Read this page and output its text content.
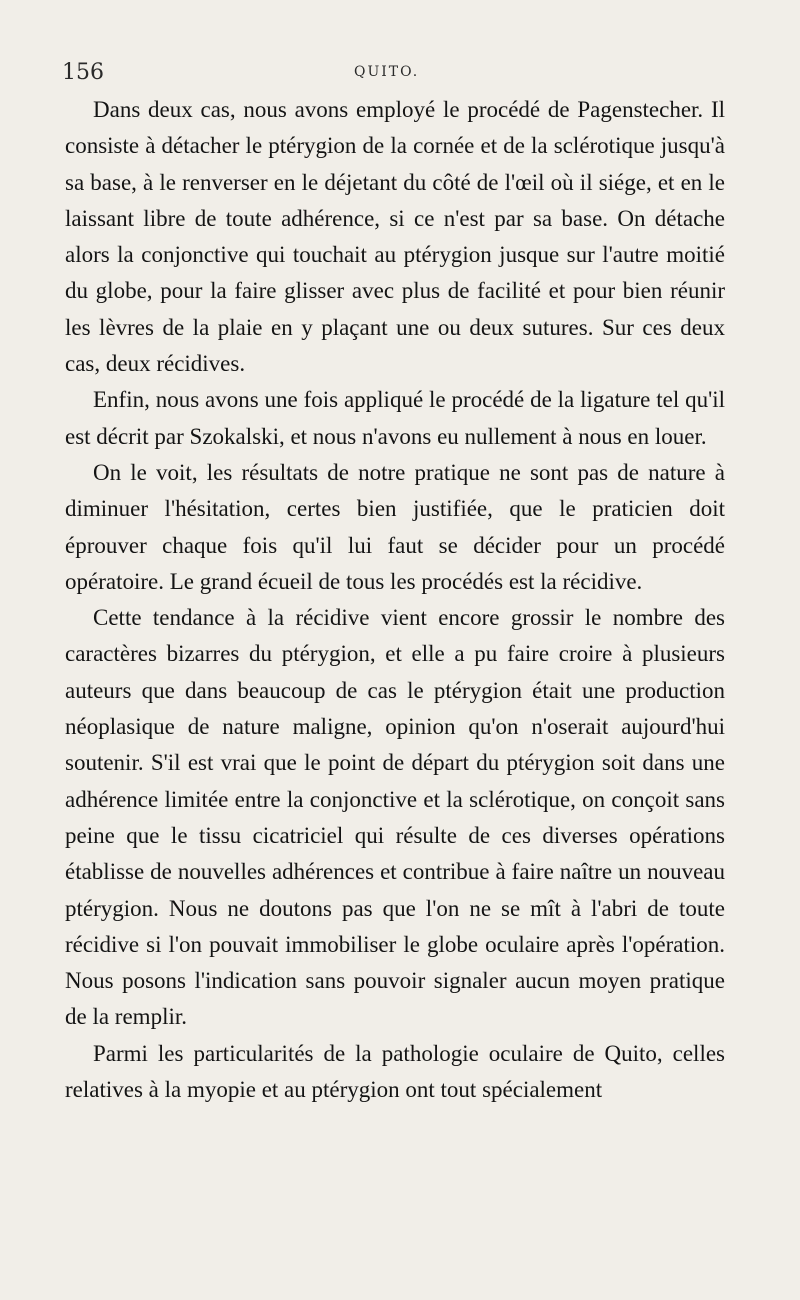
156	QUITO.

Dans deux cas, nous avons employé le procédé de Pagenstecher. Il consiste à détacher le ptérygion de la cornée et de la sclérotique jusqu'à sa base, à le renverser en le déjetant du côté de l'œil où il siége, et en le laissant libre de toute adhérence, si ce n'est par sa base. On détache alors la conjonctive qui touchait au ptérygion jusque sur l'autre moitié du globe, pour la faire glisser avec plus de facilité et pour bien réunir les lèvres de la plaie en y plaçant une ou deux sutures. Sur ces deux cas, deux récidives.

Enfin, nous avons une fois appliqué le procédé de la ligature tel qu'il est décrit par Szokalski, et nous n'avons eu nullement à nous en louer.

On le voit, les résultats de notre pratique ne sont pas de nature à diminuer l'hésitation, certes bien justifiée, que le praticien doit éprouver chaque fois qu'il lui faut se décider pour un procédé opératoire. Le grand écueil de tous les procédés est la récidive.

Cette tendance à la récidive vient encore grossir le nombre des caractères bizarres du ptérygion, et elle a pu faire croire à plusieurs auteurs que dans beaucoup de cas le ptérygion était une production néoplasique de nature maligne, opinion qu'on n'oserait aujourd'hui soutenir. S'il est vrai que le point de départ du ptérygion soit dans une adhérence limitée entre la conjonctive et la sclérotique, on conçoit sans peine que le tissu cicatriciel qui résulte de ces diverses opérations établisse de nouvelles adhérences et contribue à faire naître un nouveau ptérygion. Nous ne doutons pas que l'on ne se mît à l'abri de toute récidive si l'on pouvait immobiliser le globe oculaire après l'opération. Nous posons l'indication sans pouvoir signaler aucun moyen pratique de la remplir.

Parmi les particularités de la pathologie oculaire de Quito, celles relatives à la myopie et au ptérygion ont tout spécialement
